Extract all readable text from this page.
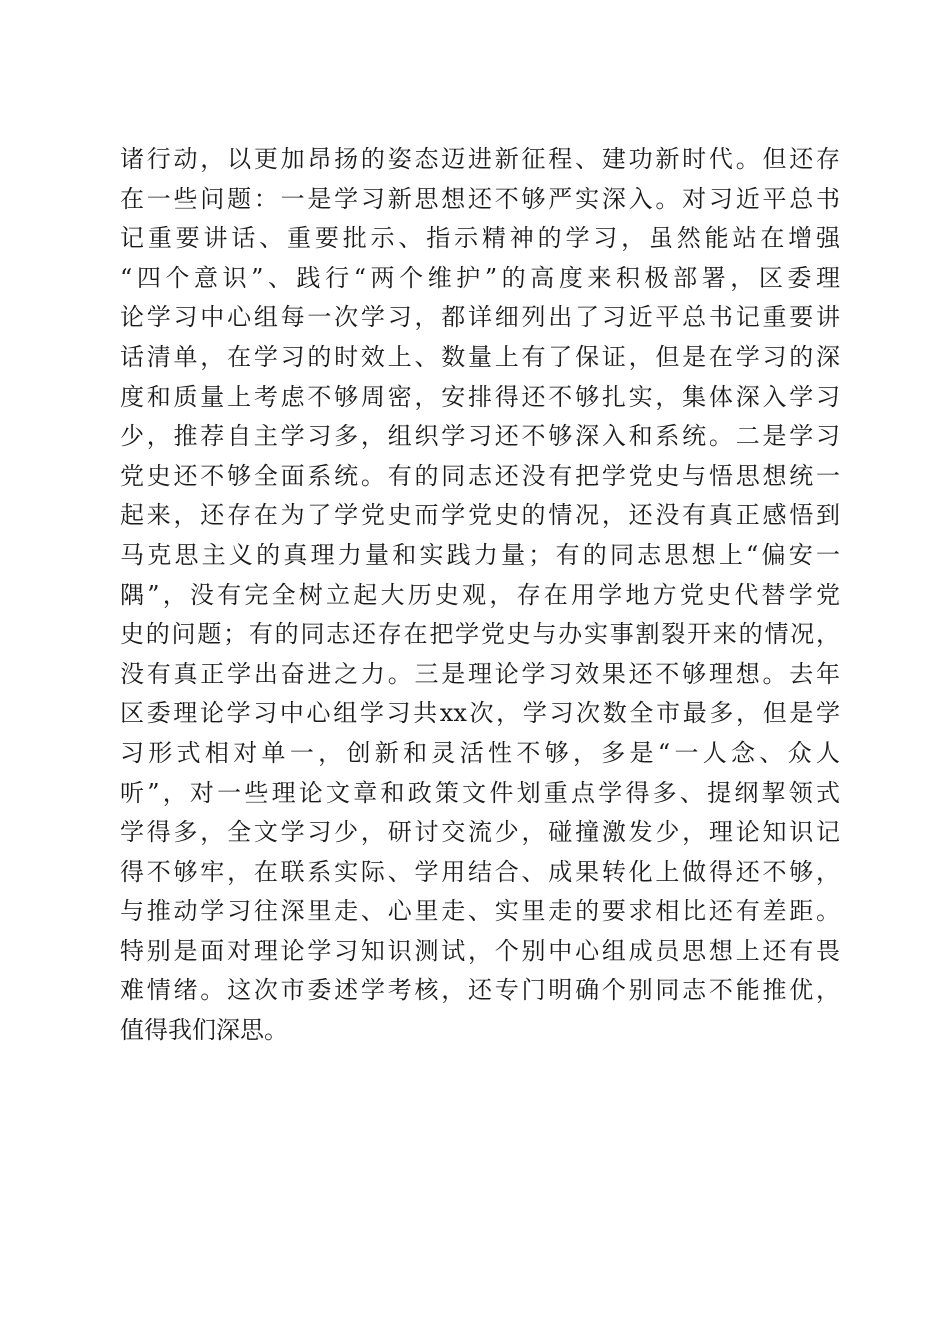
诸行动，以更加昂扬的姿态迈进新征程、建功新时代。但还存
在一些问题：一是学习新思想还不够严实深入。对习近平总书
记重要讲话、重要批示、指示精神的学习，虽然能站在增强
“四个意识”、践行“两个维护”的高度来积极部署，区委理
论学习中心组每一次学习，都详细列出了习近平总书记重要讲
话清单，在学习的时效上、数量上有了保证，但是在学习的深
度和质量上考虑不够周密，安排得还不够扎实，集体深入学习
少，推荐自主学习多，组织学习还不够深入和系统。二是学习
党史还不够全面系统。有的同志还没有把学党史与悟思想统一
起来，还存在为了学党史而学党史的情况，还没有真正感悟到
马克思主义的真理力量和实践力量；有的同志思想上“偏安一
隅”，没有完全树立起大历史观，存在用学地方党史代替学党
史的问题；有的同志还存在把学党史与办实事割裂开来的情况，
没有真正学出奋进之力。三是理论学习效果还不够理想。去年
区委理论学习中心组学习共xx次，学习次数全市最多，但是学
习形式相对单一，创新和灵活性不够，多是“一人念、众人
听”，对一些理论文章和政策文件划重点学得多、提纲挈领式
学得多，全文学习少，研讨交流少，碰撞激发少，理论知识记
得不够牢，在联系实际、学用结合、成果转化上做得还不够，
与推动学习往深里走、心里走、实里走的要求相比还有差距。
特别是面对理论学习知识测试，个别中心组成员思想上还有畏
难情绪。这次市委述学考核，还专门明确个别同志不能推优，
值得我们深思。
